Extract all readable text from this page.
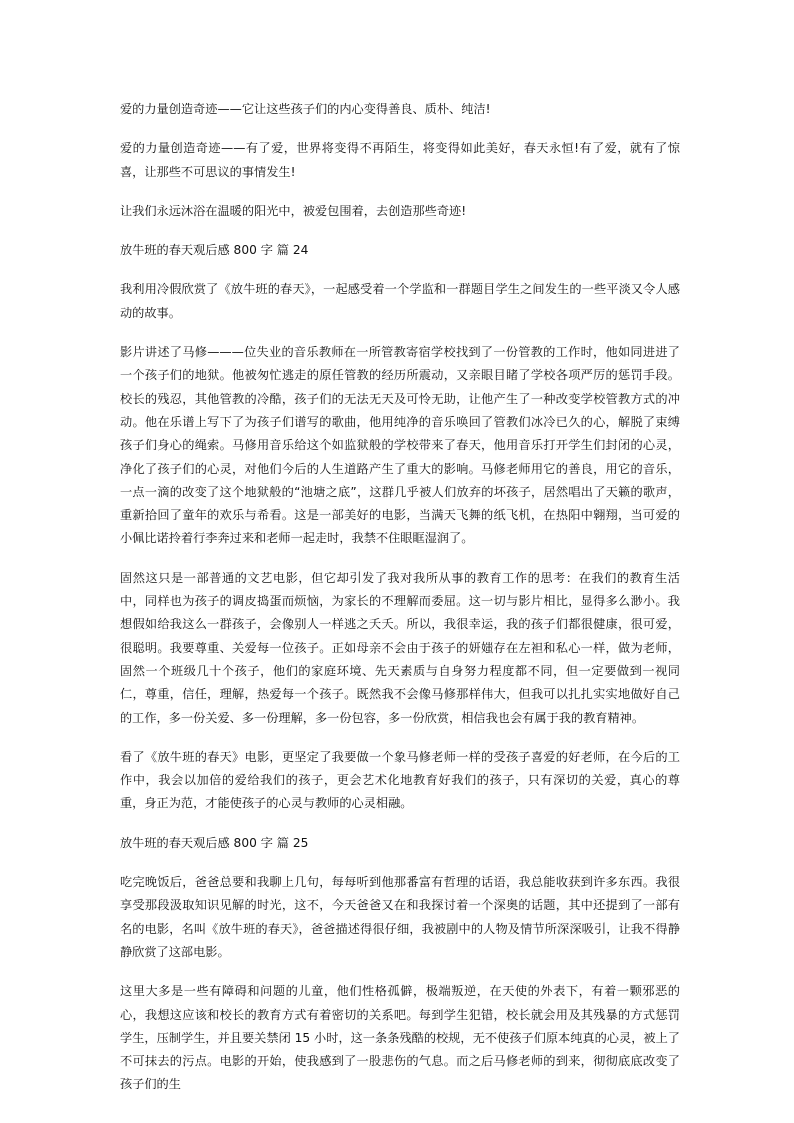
爱的力量创造奇迹——它让这些孩子们的内心变得善良、质朴、纯洁!

爱的力量创造奇迹——有了爱，世界将变得不再陌生，将变得如此美好，春天永恒!有了爱，就有了惊喜，让那些不可思议的事情发生!

让我们永远沐浴在温暖的阳光中，被爱包围着，去创造那些奇迹!

放牛班的春天观后感 800 字 篇 24

我利用冷假欣赏了《放牛班的春天》，一起感受着一个学监和一群题目学生之间发生的一些平淡又令人感动的故事。

影片讲述了马修———位失业的音乐教师在一所管教寄宿学校找到了一份管教的工作时，他如同进进了一个孩子们的地狱。他被匆忙逃走的原任管教的经历所震动，又亲眼目睹了学校各项严厉的惩罚手段。校长的残忍，其他管教的冷酷，孩子们的无法无天及可怜无助，让他产生了一种改变学校管教方式的冲动。他在乐谱上写下了为孩子们谱写的歌曲，他用纯净的音乐唤回了管教们冰冷已久的心，解脱了束缚孩子们身心的绳索。马修用音乐给这个如监狱般的学校带来了春天，他用音乐打开学生们封闭的心灵，净化了孩子们的心灵，对他们今后的人生道路产生了重大的影响。马修老师用它的善良，用它的音乐，一点一滴的改变了这个地狱般的“池塘之底”，这群几乎被人们放弃的坏孩子，居然唱出了天籁的歌声，重新拾回了童年的欢乐与希看。这是一部美好的电影，当满天飞舞的纸飞机，在热阳中翱翔，当可爱的小佩比诺拎着行李奔过来和老师一起走时，我禁不住眼眶湿润了。

固然这只是一部普通的文艺电影，但它却引发了我对我所从事的教育工作的思考：在我们的教育生活中，同样也为孩子的调皮捣蛋而烦恼，为家长的不理解而委屈。这一切与影片相比，显得多么渺小。我想假如给我这么一群孩子，会像别人一样逃之夭夭。所以，我很幸运，我的孩子们都很健康，很可爱，很聪明。我要尊重、关爱每一位孩子。正如母亲不会由于孩子的妍媸存在左袒和私心一样，做为老师，固然一个班级几十个孩子，他们的家庭环境、先天素质与自身努力程度都不同，但一定要做到一视同仁，尊重，信任，理解，热爱每一个孩子。既然我不会像马修那样伟大，但我可以扎扎实实地做好自己的工作，多一份关爱、多一份理解，多一份包容，多一份欣赏，相信我也会有属于我的教育精神。

看了《放牛班的春天》电影，更坚定了我要做一个象马修老师一样的受孩子喜爱的好老师，在今后的工作中，我会以加倍的爱给我们的孩子，更会艺术化地教育好我们的孩子，只有深切的关爱，真心的尊重，身正为范，才能使孩子的心灵与教师的心灵相融。

放牛班的春天观后感 800 字 篇 25

吃完晚饭后，爸爸总要和我聊上几句，每每听到他那番富有哲理的话语，我总能收获到许多东西。我很享受那段汲取知识见解的时光，这不，今天爸爸又在和我探讨着一个深奥的话题，其中还提到了一部有名的电影，名叫《放牛班的春天》，爸爸描述得很仔细，我被剧中的人物及情节所深深吸引，让我不得静静欣赏了这部电影。

这里大多是一些有障碍和问题的儿童，他们性格孤僻，极端叛逆，在天使的外表下，有着一颗邪恶的心，我想这应该和校长的教育方式有着密切的关系吧。每到学生犯错，校长就会用及其残暴的方式惩罚学生，压制学生，并且要关禁闭 15 小时，这一条条残酷的校规，无不使孩子们原本纯真的心灵，被上了不可抹去的污点。电影的开始，使我感到了一股悲伤的气息。而之后马修老师的到来，彻彻底底改变了孩子们的生
